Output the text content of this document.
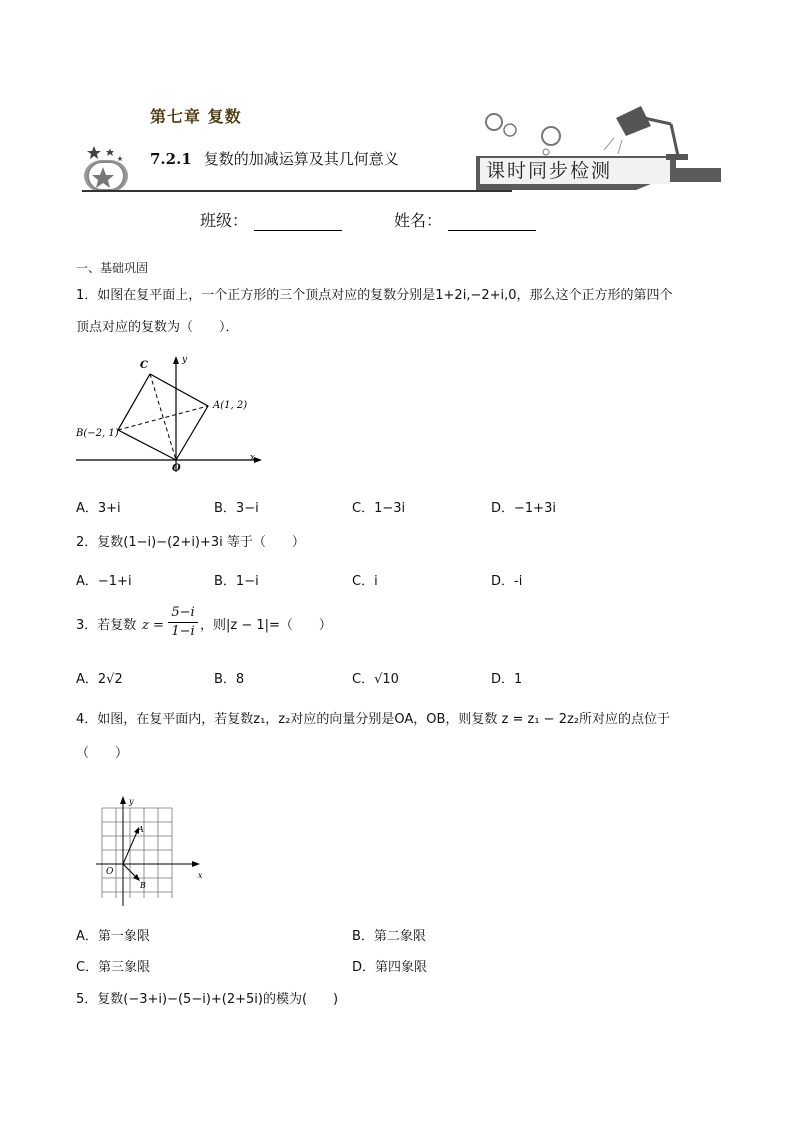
第七章 复数
7.2.1 复数的加减运算及其几何意义
课时同步检测
班级：	姓名：
一、基础巩固
1．如图在复平面上，一个正方形的三个顶点对应的复数分别是1+2i,−2+i,0，那么这个正方形的第四个
顶点对应的复数为（　　）．
C	y
A(1, 2)
B(−2, 1)
O
x
A．3+i	B．3−i	C．1−3i	D．−1+3i
2．复数(1−i)−(2+i)+3i 等于（　　）
A．−1+i	B．1−i	C．i	D．-i
3．若复数 $z = \frac{5-i}{1-i}$ ，则|z − 1|=（　　）
A．2√2	B．8	C．√10	D．1
4．如图，在复平面内，若复数z₁，z₂对应的向量分别是OA，OB，则复数 z = z₁ − 2z₂所对应的点位于
（　　）
y
A
O
B
x
A．第一象限	B．第二象限
C．第三象限	D．第四象限
5．复数(−3+i)−(5−i)+(2+5i)的模为(　　)
